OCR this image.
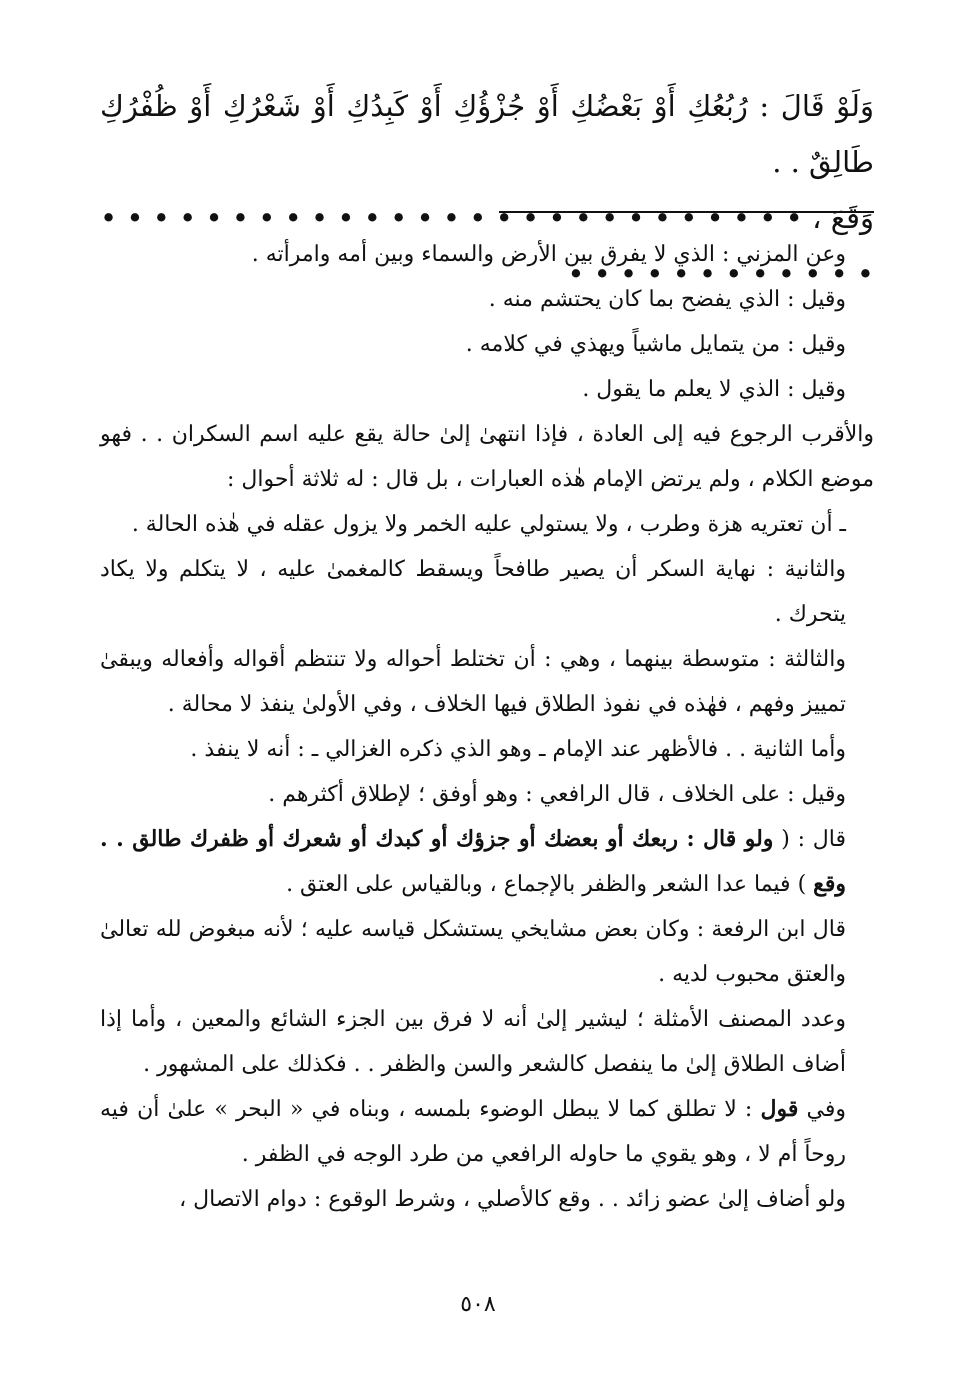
وَلَوْ قَالَ : رُبُعُكِ أَوْ بَعْضُكِ أَوْ جُزْؤُكِ أَوْ كَبِدُكِ أَوْ شَعْرُكِ أَوْ ظُفْرُكِ طَالِقٌ . .
وَقَعَ ، • • • • • • • • • • • • • • • • • • • • • • • • • • • • • • • • • • • • • • •

وعن المزني : الذي لا يفرق بين الأرض والسماء وبين أمه وامرأته .

وقيل : الذي يفضح بما كان يحتشم منه .

وقيل : من يتمايل ماشياً ويهذي في كلامه .

وقيل : الذي لا يعلم ما يقول .

والأقرب الرجوع فيه إلى العادة ، فإذا انتهىٰ إلىٰ حالة يقع عليه اسم السكران . . فهو موضع الكلام ، ولم يرتض الإمام هٰذه العبارات ، بل قال : له ثلاثة أحوال :

ـ أن تعتريه هزة وطرب ، ولا يستولي عليه الخمر ولا يزول عقله في هٰذه الحالة .

والثانية : نهاية السكر أن يصير طافحاً ويسقط كالمغمىٰ عليه ، لا يتكلم ولا يكاد يتحرك .

والثالثة : متوسطة بينهما ، وهي : أن تختلط أحواله ولا تنتظم أقواله وأفعاله ويبقىٰ تمييز وفهم ، فهٰذه في نفوذ الطلاق فيها الخلاف ، وفي الأولىٰ ينفذ لا محالة .

وأما الثانية . . فالأظهر عند الإمام ـ وهو الذي ذكره الغزالي ـ : أنه لا ينفذ .

وقيل : على الخلاف ، قال الرافعي : وهو أوفق ؛ لإطلاق أكثرهم .

قال : ( ولو قال : ربعك أو بعضك أو جزؤك أو كبدك أو شعرك أو ظفرك طالق . . وقع ) فيما عدا الشعر والظفر بالإجماع ، وبالقياس على العتق .

قال ابن الرفعة : وكان بعض مشايخي يستشكل قياسه عليه ؛ لأنه مبغوض لله تعالىٰ والعتق محبوب لديه .

وعدد المصنف الأمثلة ؛ ليشير إلىٰ أنه لا فرق بين الجزء الشائع والمعين ، وأما إذا أضاف الطلاق إلىٰ ما ينفصل كالشعر والسن والظفر . . فكذلك على المشهور .

وفي قول : لا تطلق كما لا يبطل الوضوء بلمسه ، وبناه في « البحر » علىٰ أن فيه روحاً أم لا ، وهو يقوي ما حاوله الرافعي من طرد الوجه في الظفر .

ولو أضاف إلىٰ عضو زائد . . وقع كالأصلي ، وشرط الوقوع : دوام الاتصال ،

٥٠٨
